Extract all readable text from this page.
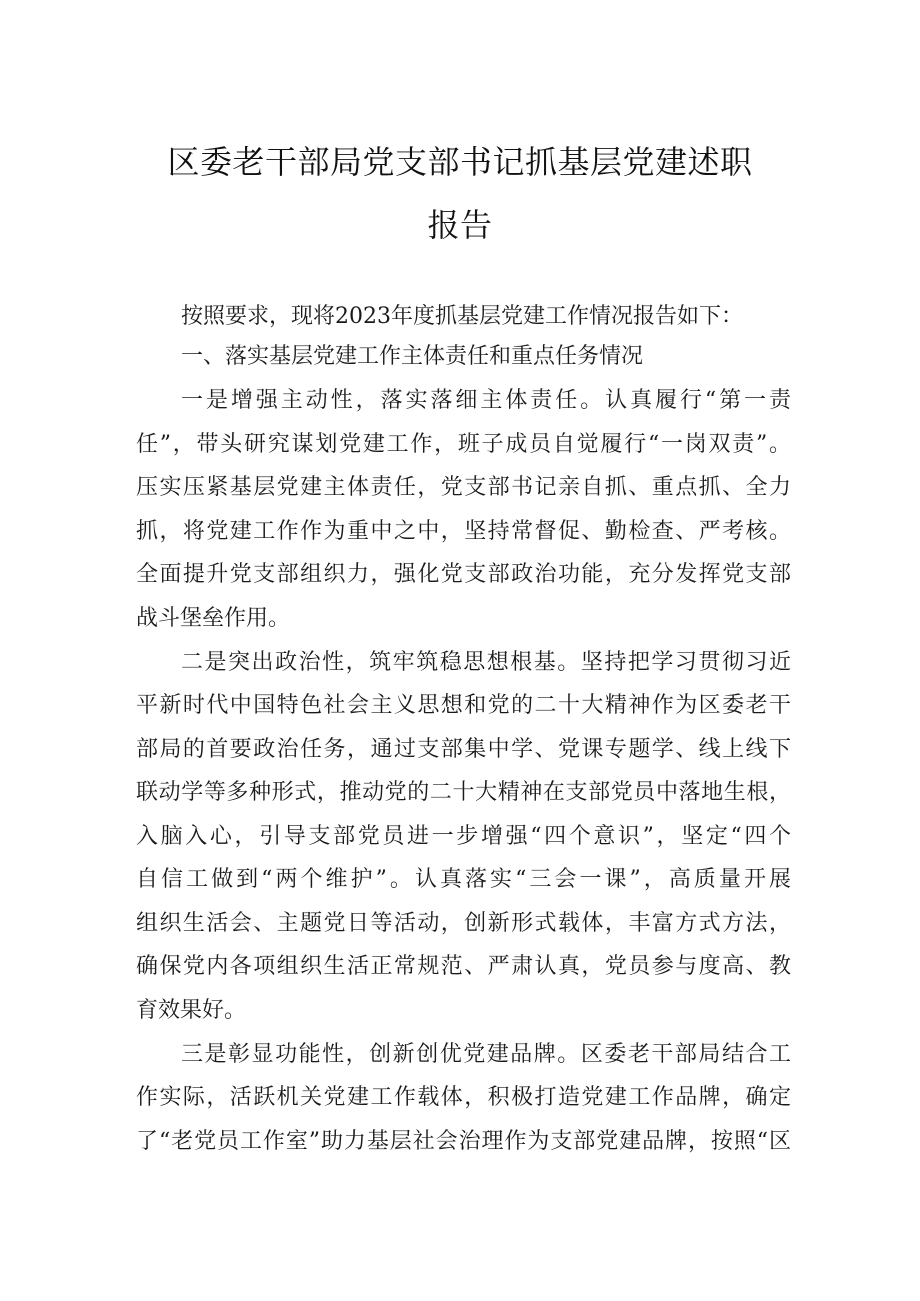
区委老干部局党支部书记抓基层党建述职
报告
按照要求，现将2023年度抓基层党建工作情况报告如下：
一、落实基层党建工作主体责任和重点任务情况
一是增强主动性，落实落细主体责任。认真履行“第一责
任”，带头研究谋划党建工作，班子成员自觉履行“一岗双责”。
压实压紧基层党建主体责任，党支部书记亲自抓、重点抓、全力
抓，将党建工作作为重中之中，坚持常督促、勤检查、严考核。
全面提升党支部组织力，强化党支部政治功能，充分发挥党支部
战斗堡垒作用。
二是突出政治性，筑牢筑稳思想根基。坚持把学习贯彻习近
平新时代中国特色社会主义思想和党的二十大精神作为区委老干
部局的首要政治任务，通过支部集中学、党课专题学、线上线下
联动学等多种形式，推动党的二十大精神在支部党员中落地生根，
入脑入心，引导支部党员进一步增强“四个意识”，坚定“四个
自信工做到“两个维护”。认真落实“三会一课”，高质量开展
组织生活会、主题党日等活动，创新形式载体，丰富方式方法，
确保党内各项组织生活正常规范、严肃认真，党员参与度高、教
育效果好。
三是彰显功能性，创新创优党建品牌。区委老干部局结合工
作实际，活跃机关党建工作载体，积极打造党建工作品牌，确定
了“老党员工作室”助力基层社会治理作为支部党建品牌，按照“区
